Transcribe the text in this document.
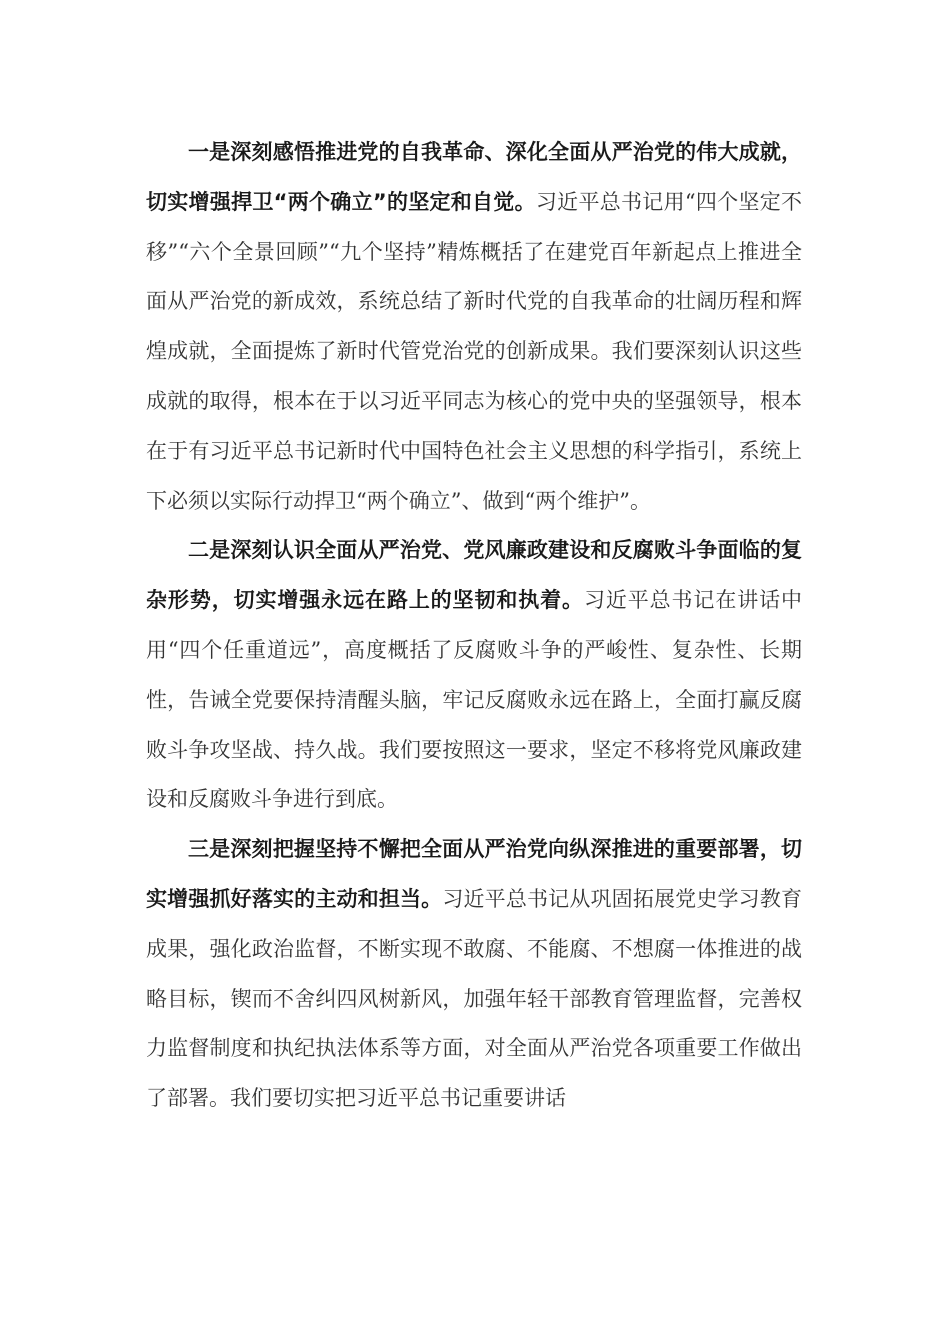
一是深刻感悟推进党的自我革命、深化全面从严治党的伟大成就，切实增强捍卫“两个确立”的坚定和自觉。习近平总书记用“四个坚定不移”“六个全景回顾”“九个坚持”精炼概括了在建党百年新起点上推进全面从严治党的新成效，系统总结了新时代党的自我革命的壮阔历程和辉煌成就，全面提炼了新时代管党治党的创新成果。我们要深刻认识这些成就的取得，根本在于以习近平同志为核心的党中央的坚强领导，根本在于有习近平总书记新时代中国特色社会主义思想的科学指引，系统上下必须以实际行动捍卫“两个确立”、做到“两个维护”。

二是深刻认识全面从严治党、党风廉政建设和反腐败斗争面临的复杂形势，切实增强永远在路上的坚韧和执着。习近平总书记在讲话中用“四个任重道远”，高度概括了反腐败斗争的严峻性、复杂性、长期性，告诫全党要保持清醒头脑，牢记反腐败永远在路上，全面打赢反腐败斗争攻坚战、持久战。我们要按照这一要求，坚定不移将党风廉政建设和反腐败斗争进行到底。

三是深刻把握坚持不懈把全面从严治党向纵深推进的重要部署，切实增强抓好落实的主动和担当。习近平总书记从巩固拓展党史学习教育成果，强化政治监督，不断实现不敢腐、不能腐、不想腐一体推进的战略目标，锲而不舍纠四风树新风，加强年轻干部教育管理监督，完善权力监督制度和执纪执法体系等方面，对全面从严治党各项重要工作做出了部署。我们要切实把习近平总书记重要讲话
